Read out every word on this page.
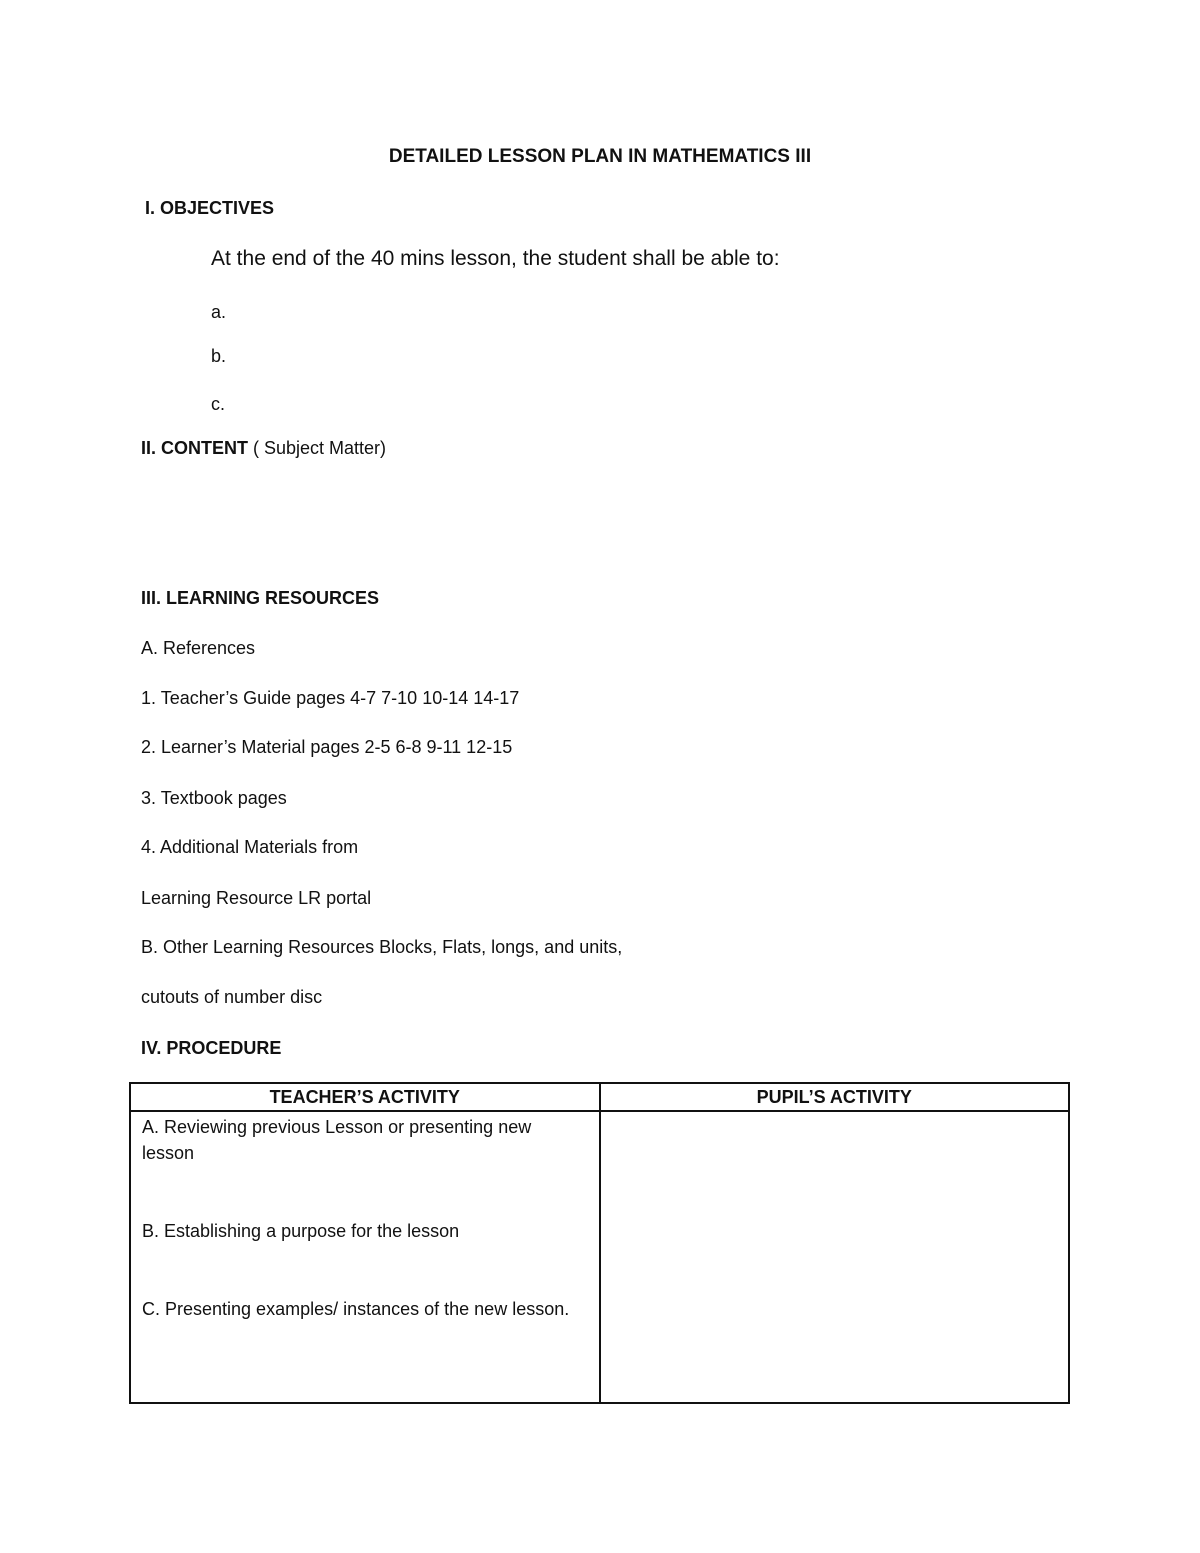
DETAILED LESSON PLAN IN MATHEMATICS III
I. OBJECTIVES
At the end of the 40 mins lesson, the student shall be able to:
a.
b.
c.
II. CONTENT ( Subject Matter)
III. LEARNING RESOURCES
A. References
1. Teacher’s Guide pages 4-7 7-10 10-14 14-17
2. Learner’s Material pages 2-5 6-8 9-11 12-15
3. Textbook pages
4. Additional Materials from
Learning Resource LR portal
B. Other Learning Resources Blocks, Flats, longs, and units,
cutouts of number disc
IV. PROCEDURE
TEACHER’S ACTIVITY	PUPIL’S ACTIVITY

A. Reviewing previous Lesson or presenting new lesson
B. Establishing a purpose for the lesson
C. Presenting examples/ instances of the new lesson.	
